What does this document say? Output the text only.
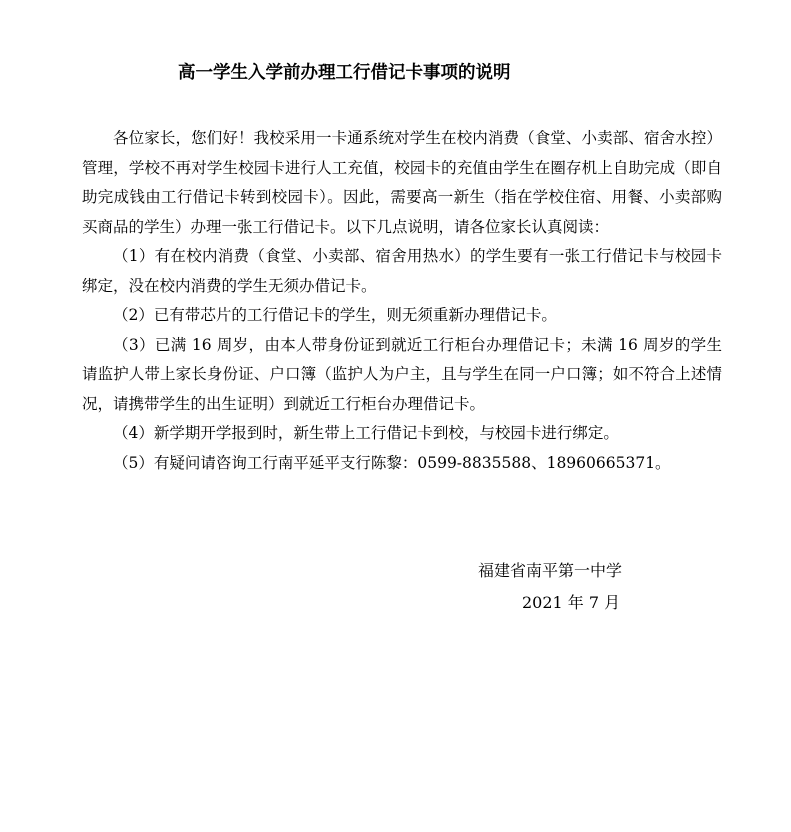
高一学生入学前办理工行借记卡事项的说明

各位家长，您们好！我校采用一卡通系统对学生在校内消费（食堂、小卖部、宿舍水控）管理，学校不再对学生校园卡进行人工充值，校园卡的充值由学生在圈存机上自助完成（即自助完成钱由工行借记卡转到校园卡）。因此，需要高一新生（指在学校住宿、用餐、小卖部购买商品的学生）办理一张工行借记卡。以下几点说明，请各位家长认真阅读：

（1）有在校内消费（食堂、小卖部、宿舍用热水）的学生要有一张工行借记卡与校园卡绑定，没在校内消费的学生无须办借记卡。

（2）已有带芯片的工行借记卡的学生，则无须重新办理借记卡。

（3）已满 16 周岁，由本人带身份证到就近工行柜台办理借记卡；未满 16 周岁的学生请监护人带上家长身份证、户口簿（监护人为户主，且与学生在同一户口簿；如不符合上述情况，请携带学生的出生证明）到就近工行柜台办理借记卡。

（4）新学期开学报到时，新生带上工行借记卡到校，与校园卡进行绑定。

（5）有疑问请咨询工行南平延平支行陈黎：0599-8835588、18960665371。

福建省南平第一中学
2021 年 7 月
